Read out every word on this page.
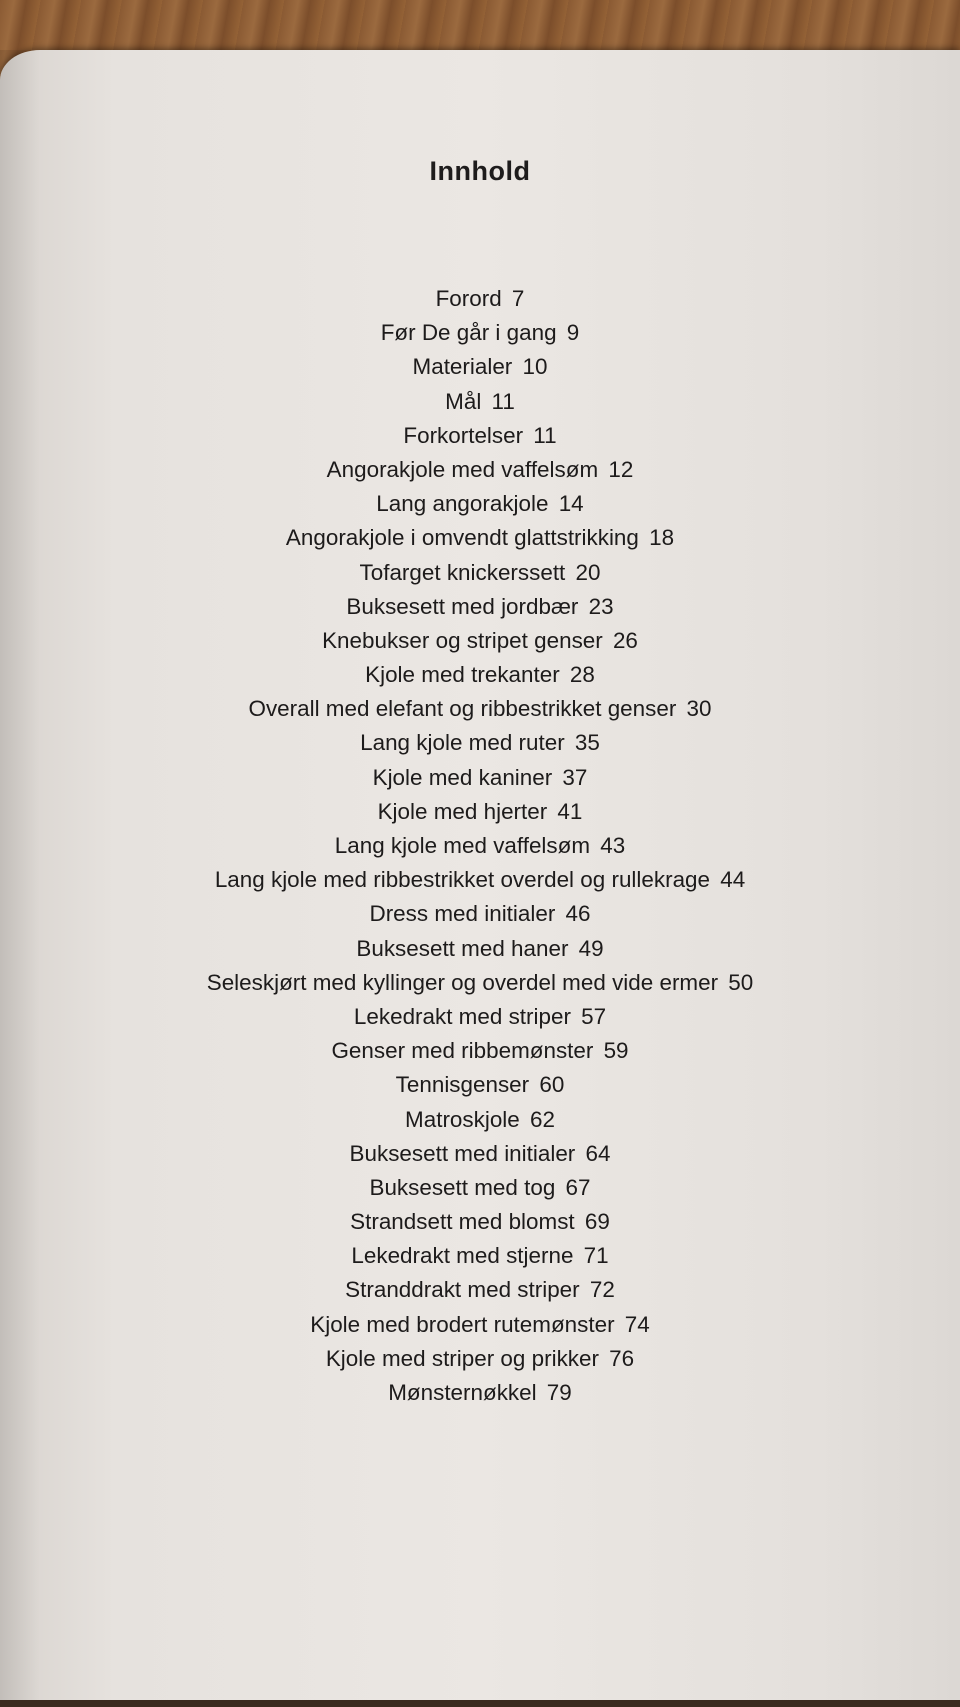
Innhold
Forord 7
Før De går i gang 9
Materialer 10
Mål 11
Forkortelser 11
Angorakjole med vaffelsøm 12
Lang angorakjole 14
Angorakjole i omvendt glattstrikking 18
Tofarget knickerssett 20
Buksesett med jordbær 23
Knebukser og stripet genser 26
Kjole med trekanter 28
Overall med elefant og ribbestrikket genser 30
Lang kjole med ruter 35
Kjole med kaniner 37
Kjole med hjerter 41
Lang kjole med vaffelsøm 43
Lang kjole med ribbestrikket overdel og rullekrage 44
Dress med initialer 46
Buksesett med haner 49
Seleskjørt med kyllinger og overdel med vide ermer 50
Lekedrakt med striper 57
Genser med ribbemønster 59
Tennisgenser 60
Matroskjole 62
Buksesett med initialer 64
Buksesett med tog 67
Strandsett med blomst 69
Lekedrakt med stjerne 71
Stranddrakt med striper 72
Kjole med brodert rutemønster 74
Kjole med striper og prikker 76
Mønsternøkkel 79
